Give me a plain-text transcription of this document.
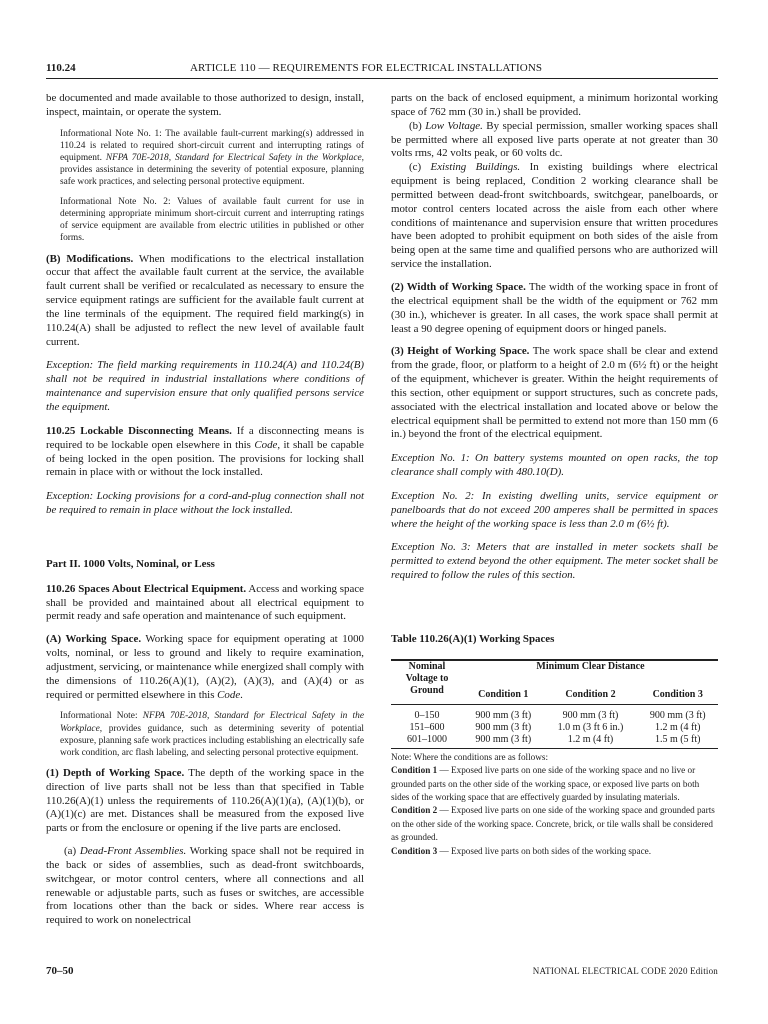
110.24	ARTICLE 110 — REQUIREMENTS FOR ELECTRICAL INSTALLATIONS

be documented and made available to those authorized to design, install, inspect, maintain, or operate the system.

Informational Note No. 1: The available fault-current marking(s) addressed in 110.24 is related to required short-circuit current and interrupting ratings of equipment. NFPA 70E-2018, Standard for Electrical Safety in the Workplace, provides assistance in determining the severity of potential exposure, planning safe work practices, and selecting personal protective equipment.

Informational Note No. 2: Values of available fault current for use in determining appropriate minimum short-circuit current and interrupting ratings of service equipment are available from electric utilities in published or other forms.

(B) Modifications. When modifications to the electrical installation occur that affect the available fault current at the service, the available fault current shall be verified or recalculated as necessary to ensure the service equipment ratings are sufficient for the available fault current at the line terminals of the equipment. The required field marking(s) in 110.24(A) shall be adjusted to reflect the new level of available fault current.

Exception: The field marking requirements in 110.24(A) and 110.24(B) shall not be required in industrial installations where conditions of maintenance and supervision ensure that only qualified persons service the equipment.

110.25 Lockable Disconnecting Means. If a disconnecting means is required to be lockable open elsewhere in this Code, it shall be capable of being locked in the open position. The provisions for locking shall remain in place with or without the lock installed.

Exception: Locking provisions for a cord-and-plug connection shall not be required to remain in place without the lock installed.

Part II. 1000 Volts, Nominal, or Less

110.26 Spaces About Electrical Equipment. Access and working space shall be provided and maintained about all electrical equipment to permit ready and safe operation and maintenance of such equipment.

(A) Working Space. Working space for equipment operating at 1000 volts, nominal, or less to ground and likely to require examination, adjustment, servicing, or maintenance while energized shall comply with the dimensions of 110.26(A)(1), (A)(2), (A)(3), and (A)(4) or as required or permitted elsewhere in this Code.

Informational Note: NFPA 70E-2018, Standard for Electrical Safety in the Workplace, provides guidance, such as determining severity of potential exposure, planning safe work practices including establishing an electrically safe work condition, arc flash labeling, and selecting personal protective equipment.

(1) Depth of Working Space. The depth of the working space in the direction of live parts shall not be less than that specified in Table 110.26(A)(1) unless the requirements of 110.26(A)(1)(a), (A)(1)(b), or (A)(1)(c) are met. Distances shall be measured from the exposed live parts or from the enclosure or opening if the live parts are enclosed.

(a) Dead-Front Assemblies. Working space shall not be required in the back or sides of assemblies, such as dead-front switchboards, switchgear, or motor control centers, where all connections and all renewable or adjustable parts, such as fuses or switches, are accessible from locations other than the back or sides. Where rear access is required to work on nonelectrical

parts on the back of enclosed equipment, a minimum horizontal working space of 762 mm (30 in.) shall be provided.

(b) Low Voltage. By special permission, smaller working spaces shall be permitted where all exposed live parts operate at not greater than 30 volts rms, 42 volts peak, or 60 volts dc.

(c) Existing Buildings. In existing buildings where electrical equipment is being replaced, Condition 2 working clearance shall be permitted between dead-front switchboards, switchgear, panelboards, or motor control centers located across the aisle from each other where conditions of maintenance and supervision ensure that written procedures have been adopted to prohibit equipment on both sides of the aisle from being open at the same time and qualified persons who are authorized will service the installation.

(2) Width of Working Space. The width of the working space in front of the electrical equipment shall be the width of the equipment or 762 mm (30 in.), whichever is greater. In all cases, the work space shall permit at least a 90 degree opening of equipment doors or hinged panels.

(3) Height of Working Space. The work space shall be clear and extend from the grade, floor, or platform to a height of 2.0 m (6½ ft) or the height of the equipment, whichever is greater. Within the height requirements of this section, other equipment or support structures, such as concrete pads, associated with the electrical installation and located above or below the electrical equipment shall be permitted to extend not more than 150 mm (6 in.) beyond the front of the electrical equipment.

Exception No. 1: On battery systems mounted on open racks, the top clearance shall comply with 480.10(D).

Exception No. 2: In existing dwelling units, service equipment or panelboards that do not exceed 200 amperes shall be permitted in spaces where the height of the working space is less than 2.0 m (6½ ft).

Exception No. 3: Meters that are installed in meter sockets shall be permitted to extend beyond the other equipment. The meter socket shall be required to follow the rules of this section.

Table 110.26(A)(1) Working Spaces

Nominal Voltage to Ground	Minimum Clear Distance		
	Condition 1	Condition 2	Condition 3
0–150	900 mm (3 ft)	900 mm (3 ft)	900 mm (3 ft)
151–600	900 mm (3 ft)	1.0 m (3 ft 6 in.)	1.2 m (4 ft)
601–1000	900 mm (3 ft)	1.2 m (4 ft)	1.5 m (5 ft)

Note: Where the conditions are as follows:

Condition 1 — Exposed live parts on one side of the working space and no live or grounded parts on the other side of the working space, or exposed live parts on both sides of the working space that are effectively guarded by insulating materials.

Condition 2 — Exposed live parts on one side of the working space and grounded parts on the other side of the working space. Concrete, brick, or tile walls shall be considered as grounded.

Condition 3 — Exposed live parts on both sides of the working space.

70–50	NATIONAL ELECTRICAL CODE 2020 Edition
